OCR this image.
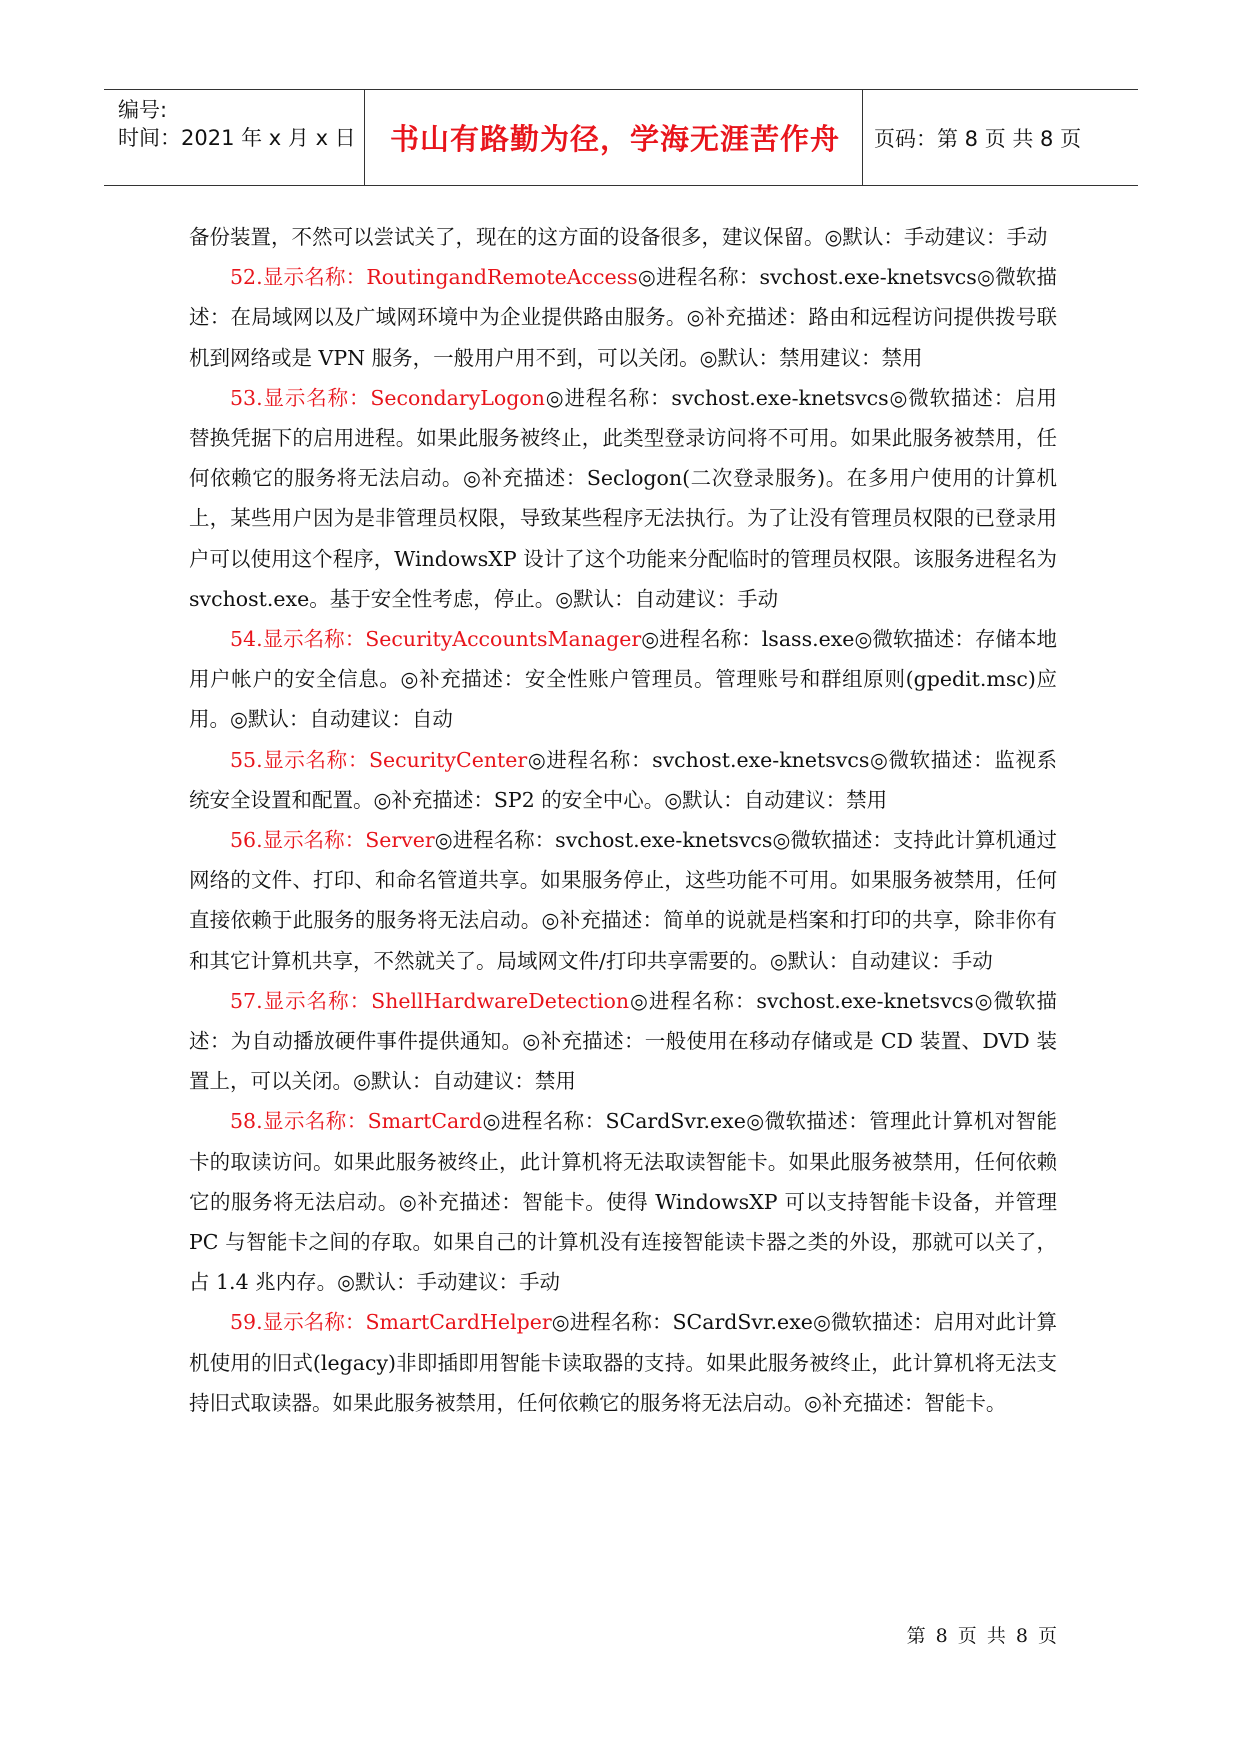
编号:
时间：2021 年 x 月 x 日	书山有路勤为径，学海无涯苦作舟	页码：第 8 页 共 8 页

备份装置，不然可以尝试关了，现在的这方面的设备很多，建议保留。◎默认：手动建议：手动

52.显示名称：RoutingandRemoteAccess◎进程名称：svchost.exe-knetsvcs◎微软描述：在局域网以及广域网环境中为企业提供路由服务。◎补充描述：路由和远程访问提供拨号联机到网络或是 VPN 服务，一般用户用不到，可以关闭。◎默认：禁用建议：禁用

53.显示名称：SecondaryLogon◎进程名称：svchost.exe-knetsvcs◎微软描述：启用替换凭据下的启用进程。如果此服务被终止，此类型登录访问将不可用。如果此服务被禁用，任何依赖它的服务将无法启动。◎补充描述：Seclogon(二次登录服务)。在多用户使用的计算机上，某些用户因为是非管理员权限，导致某些程序无法执行。为了让没有管理员权限的已登录用户可以使用这个程序，WindowsXP 设计了这个功能来分配临时的管理员权限。该服务进程名为 svchost.exe。基于安全性考虑，停止。◎默认：自动建议：手动

54.显示名称：SecurityAccountsManager◎进程名称：lsass.exe◎微软描述：存储本地用户帐户的安全信息。◎补充描述：安全性账户管理员。管理账号和群组原则(gpedit.msc)应用。◎默认：自动建议：自动

55.显示名称：SecurityCenter◎进程名称：svchost.exe-knetsvcs◎微软描述：监视系统安全设置和配置。◎补充描述：SP2 的安全中心。◎默认：自动建议：禁用

56.显示名称：Server◎进程名称：svchost.exe-knetsvcs◎微软描述：支持此计算机通过网络的文件、打印、和命名管道共享。如果服务停止，这些功能不可用。如果服务被禁用，任何直接依赖于此服务的服务将无法启动。◎补充描述：简单的说就是档案和打印的共享，除非你有和其它计算机共享，不然就关了。局域网文件/打印共享需要的。◎默认：自动建议：手动

57.显示名称：ShellHardwareDetection◎进程名称：svchost.exe-knetsvcs◎微软描述：为自动播放硬件事件提供通知。◎补充描述：一般使用在移动存储或是 CD 装置、DVD 装置上，可以关闭。◎默认：自动建议：禁用

58.显示名称：SmartCard◎进程名称：SCardSvr.exe◎微软描述：管理此计算机对智能卡的取读访问。如果此服务被终止，此计算机将无法取读智能卡。如果此服务被禁用，任何依赖它的服务将无法启动。◎补充描述：智能卡。使得 WindowsXP 可以支持智能卡设备，并管理 PC 与智能卡之间的存取。如果自己的计算机没有连接智能读卡器之类的外设，那就可以关了，占 1.4 兆内存。◎默认：手动建议：手动

59.显示名称：SmartCardHelper◎进程名称：SCardSvr.exe◎微软描述：启用对此计算机使用的旧式(legacy)非即插即用智能卡读取器的支持。如果此服务被终止，此计算机将无法支持旧式取读器。如果此服务被禁用，任何依赖它的服务将无法启动。◎补充描述：智能卡。

第 8 页 共 8 页
